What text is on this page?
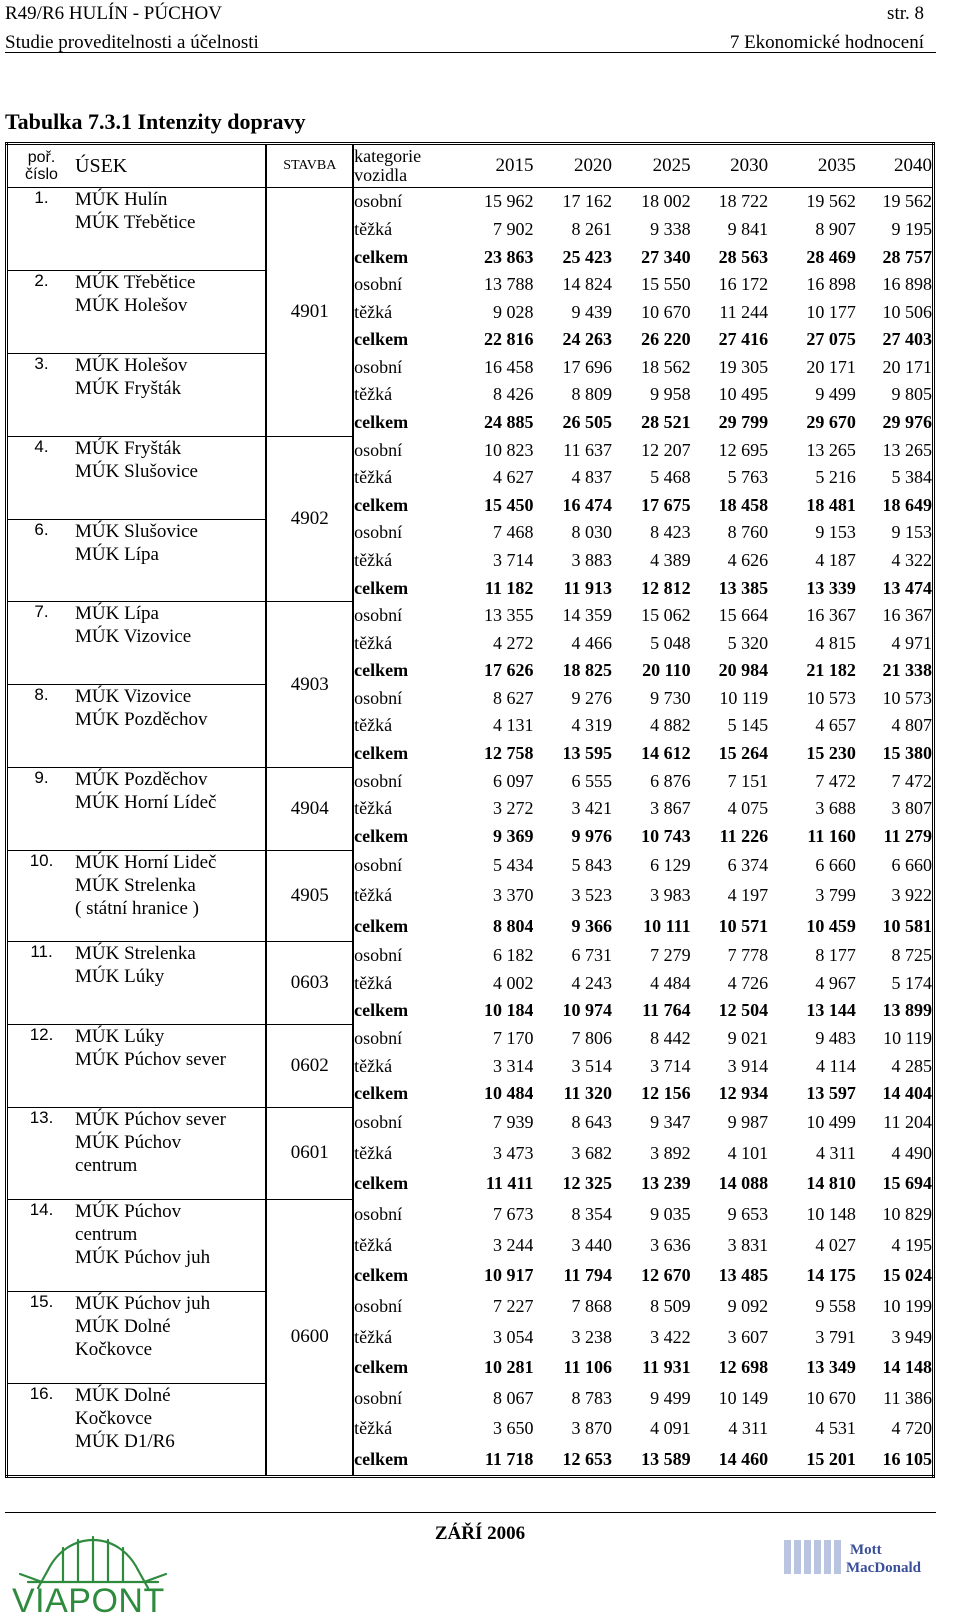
R49/R6 HULÍN - PÚCHOV
Studie proveditelnosti a účelnosti
str. 8
7 Ekonomické hodnocení
Tabulka 7.3.1 Intenzity dopravy
poř.
číslo	ÚSEK	STAVBA	kategorie
vozidla	2015	2020	2025	2030	2035	2040
1.	MÚK Hulín
MÚK Třebětice	4901	osobní	15 962	17 162	18 002	18 722	19 562	19 562
			těžká	7 902	8 261	9 338	9 841	8 907	9 195
			celkem	23 863	25 423	27 340	28 563	28 469	28 757
2.	MÚK Třebětice
MÚK Holešov		osobní	13 788	14 824	15 550	16 172	16 898	16 898
			těžká	9 028	9 439	10 670	11 244	10 177	10 506
			celkem	22 816	24 263	26 220	27 416	27 075	27 403
3.	MÚK Holešov
MÚK Fryšták		osobní	16 458	17 696	18 562	19 305	20 171	20 171
			těžká	8 426	8 809	9 958	10 495	9 499	9 805
			celkem	24 885	26 505	28 521	29 799	29 670	29 976
4.	MÚK Fryšták
MÚK Slušovice	4902	osobní	10 823	11 637	12 207	12 695	13 265	13 265
			těžká	4 627	4 837	5 468	5 763	5 216	5 384
			celkem	15 450	16 474	17 675	18 458	18 481	18 649
6.	MÚK Slušovice
MÚK Lípa		osobní	7 468	8 030	8 423	8 760	9 153	9 153
			těžká	3 714	3 883	4 389	4 626	4 187	4 322
			celkem	11 182	11 913	12 812	13 385	13 339	13 474
7.	MÚK Lípa
MÚK Vizovice	4903	osobní	13 355	14 359	15 062	15 664	16 367	16 367
			těžká	4 272	4 466	5 048	5 320	4 815	4 971
			celkem	17 626	18 825	20 110	20 984	21 182	21 338
8.	MÚK Vizovice
MÚK Pozděchov		osobní	8 627	9 276	9 730	10 119	10 573	10 573
			těžká	4 131	4 319	4 882	5 145	4 657	4 807
			celkem	12 758	13 595	14 612	15 264	15 230	15 380
9.	MÚK Pozděchov
MÚK Horní Lídeč	4904	osobní	6 097	6 555	6 876	7 151	7 472	7 472
			těžká	3 272	3 421	3 867	4 075	3 688	3 807
			celkem	9 369	9 976	10 743	11 226	11 160	11 279
10.	MÚK Horní Lideč
MÚK Strelenka
( státní hranice )	4905	osobní	5 434	5 843	6 129	6 374	6 660	6 660
			těžká	3 370	3 523	3 983	4 197	3 799	3 922
			celkem	8 804	9 366	10 111	10 571	10 459	10 581
11.	MÚK Strelenka
MÚK Lúky	0603	osobní	6 182	6 731	7 279	7 778	8 177	8 725
			těžká	4 002	4 243	4 484	4 726	4 967	5 174
			celkem	10 184	10 974	11 764	12 504	13 144	13 899
12.	MÚK Lúky
MÚK Púchov sever	0602	osobní	7 170	7 806	8 442	9 021	9 483	10 119
			těžká	3 314	3 514	3 714	3 914	4 114	4 285
			celkem	10 484	11 320	12 156	12 934	13 597	14 404
13.	MÚK Púchov sever
MÚK Púchov
centrum	0601	osobní	7 939	8 643	9 347	9 987	10 499	11 204
			těžká	3 473	3 682	3 892	4 101	4 311	4 490
			celkem	11 411	12 325	13 239	14 088	14 810	15 694
14.	MÚK Púchov
centrum
MÚK Púchov juh	0600	osobní	7 673	8 354	9 035	9 653	10 148	10 829
			těžká	3 244	3 440	3 636	3 831	4 027	4 195
			celkem	10 917	11 794	12 670	13 485	14 175	15 024
15.	MÚK Púchov juh
MÚK Dolné
Kočkovce		osobní	7 227	7 868	8 509	9 092	9 558	10 199
			těžká	3 054	3 238	3 422	3 607	3 791	3 949
			celkem	10 281	11 106	11 931	12 698	13 349	14 148
16.	MÚK Dolné
Kočkovce
MÚK D1/R6		osobní	8 067	8 783	9 499	10 149	10 670	11 386
			těžká	3 650	3 870	4 091	4 311	4 531	4 720
			celkem	11 718	12 653	13 589	14 460	15 201	16 105
VIAPONT
ZÁŘÍ 2006
Mott
MacDonald
